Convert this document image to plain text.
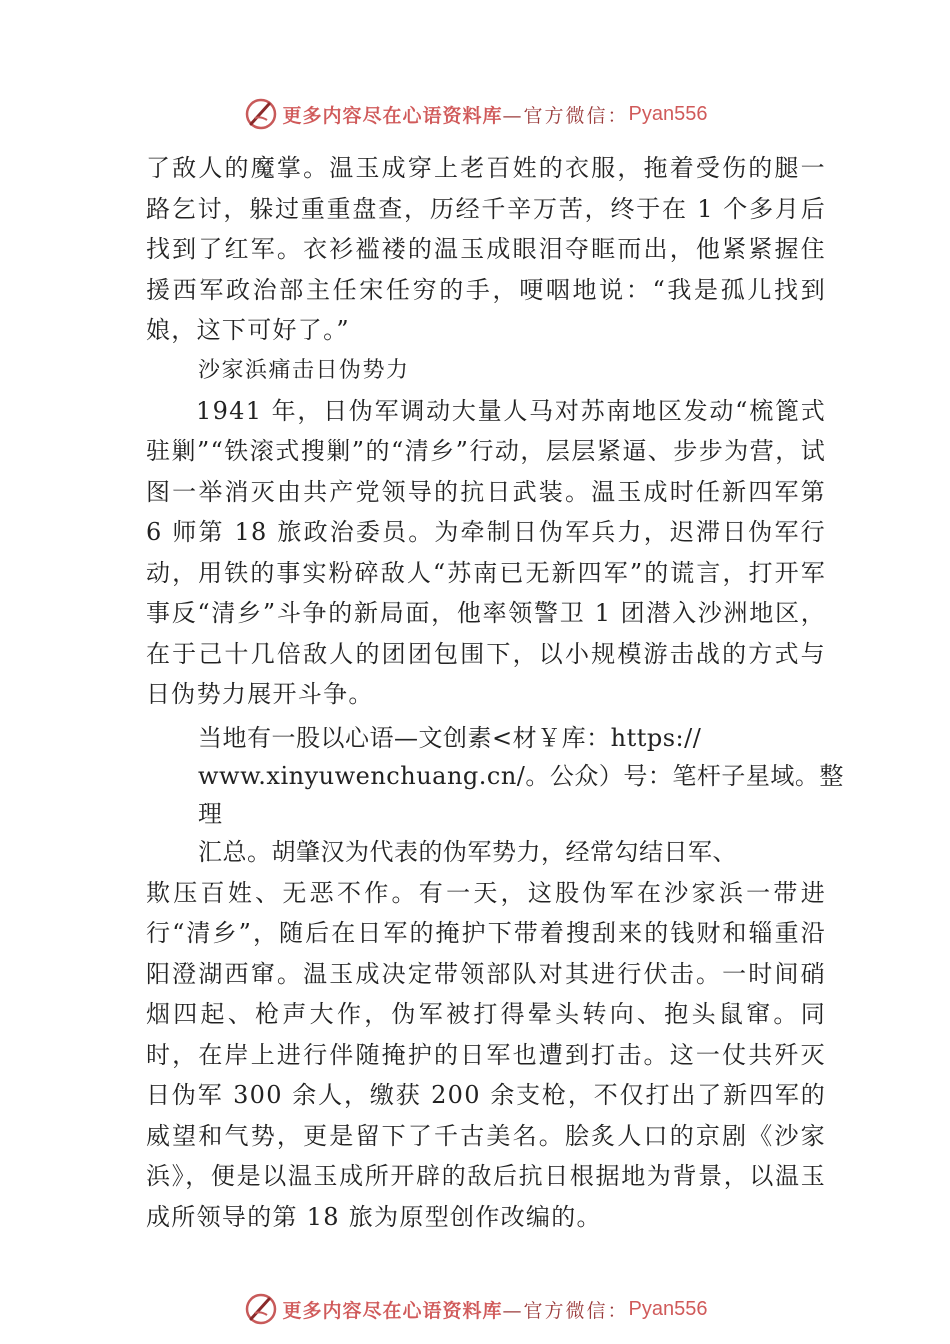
更多内容尽在心语资料库 —官方微信： Pyan556

了敌人的魔掌。温玉成穿上老百姓的衣服，拖着受伤的腿一路乞讨，躲过重重盘查，历经千辛万苦，终于在 1 个多月后找到了红军。衣衫褴褛的温玉成眼泪夺眶而出，他紧紧握住援西军政治部主任宋任穷的手，哽咽地说：“我是孤儿找到娘，这下可好了。”

沙家浜痛击日伪势力

1941 年，日伪军调动大量人马对苏南地区发动“梳篦式驻剿”“铁滚式搜剿”的“清乡”行动，层层紧逼、步步为营，试图一举消灭由共产党领导的抗日武装。温玉成时任新四军第 6 师第 18 旅政治委员。为牵制日伪军兵力，迟滞日伪军行动，用铁的事实粉碎敌人“苏南已无新四军”的谎言，打开军事反“清乡”斗争的新局面，他率领警卫 1 团潜入沙洲地区，在于己十几倍敌人的团团包围下，以小规模游击战的方式与日伪势力展开斗争。

当地有一股以心语—文创素<材￥库：https://
www.xinyuwenchuang.cn/。公众）号：笔杆子星域。整理
汇总。胡肇汉为代表的伪军势力，经常勾结日军、

欺压百姓、无恶不作。有一天，这股伪军在沙家浜一带进行“清乡”，随后在日军的掩护下带着搜刮来的钱财和辎重沿阳澄湖西窜。温玉成决定带领部队对其进行伏击。一时间硝烟四起、枪声大作，伪军被打得晕头转向、抱头鼠窜。同时，在岸上进行伴随掩护的日军也遭到打击。这一仗共歼灭日伪军 300 余人，缴获 200 余支枪，不仅打出了新四军的威望和气势，更是留下了千古美名。脍炙人口的京剧《沙家浜》，便是以温玉成所开辟的敌后抗日根据地为背景，以温玉成所领导的第 18 旅为原型创作改编的。

更多内容尽在心语资料库 —官方微信： Pyan556
